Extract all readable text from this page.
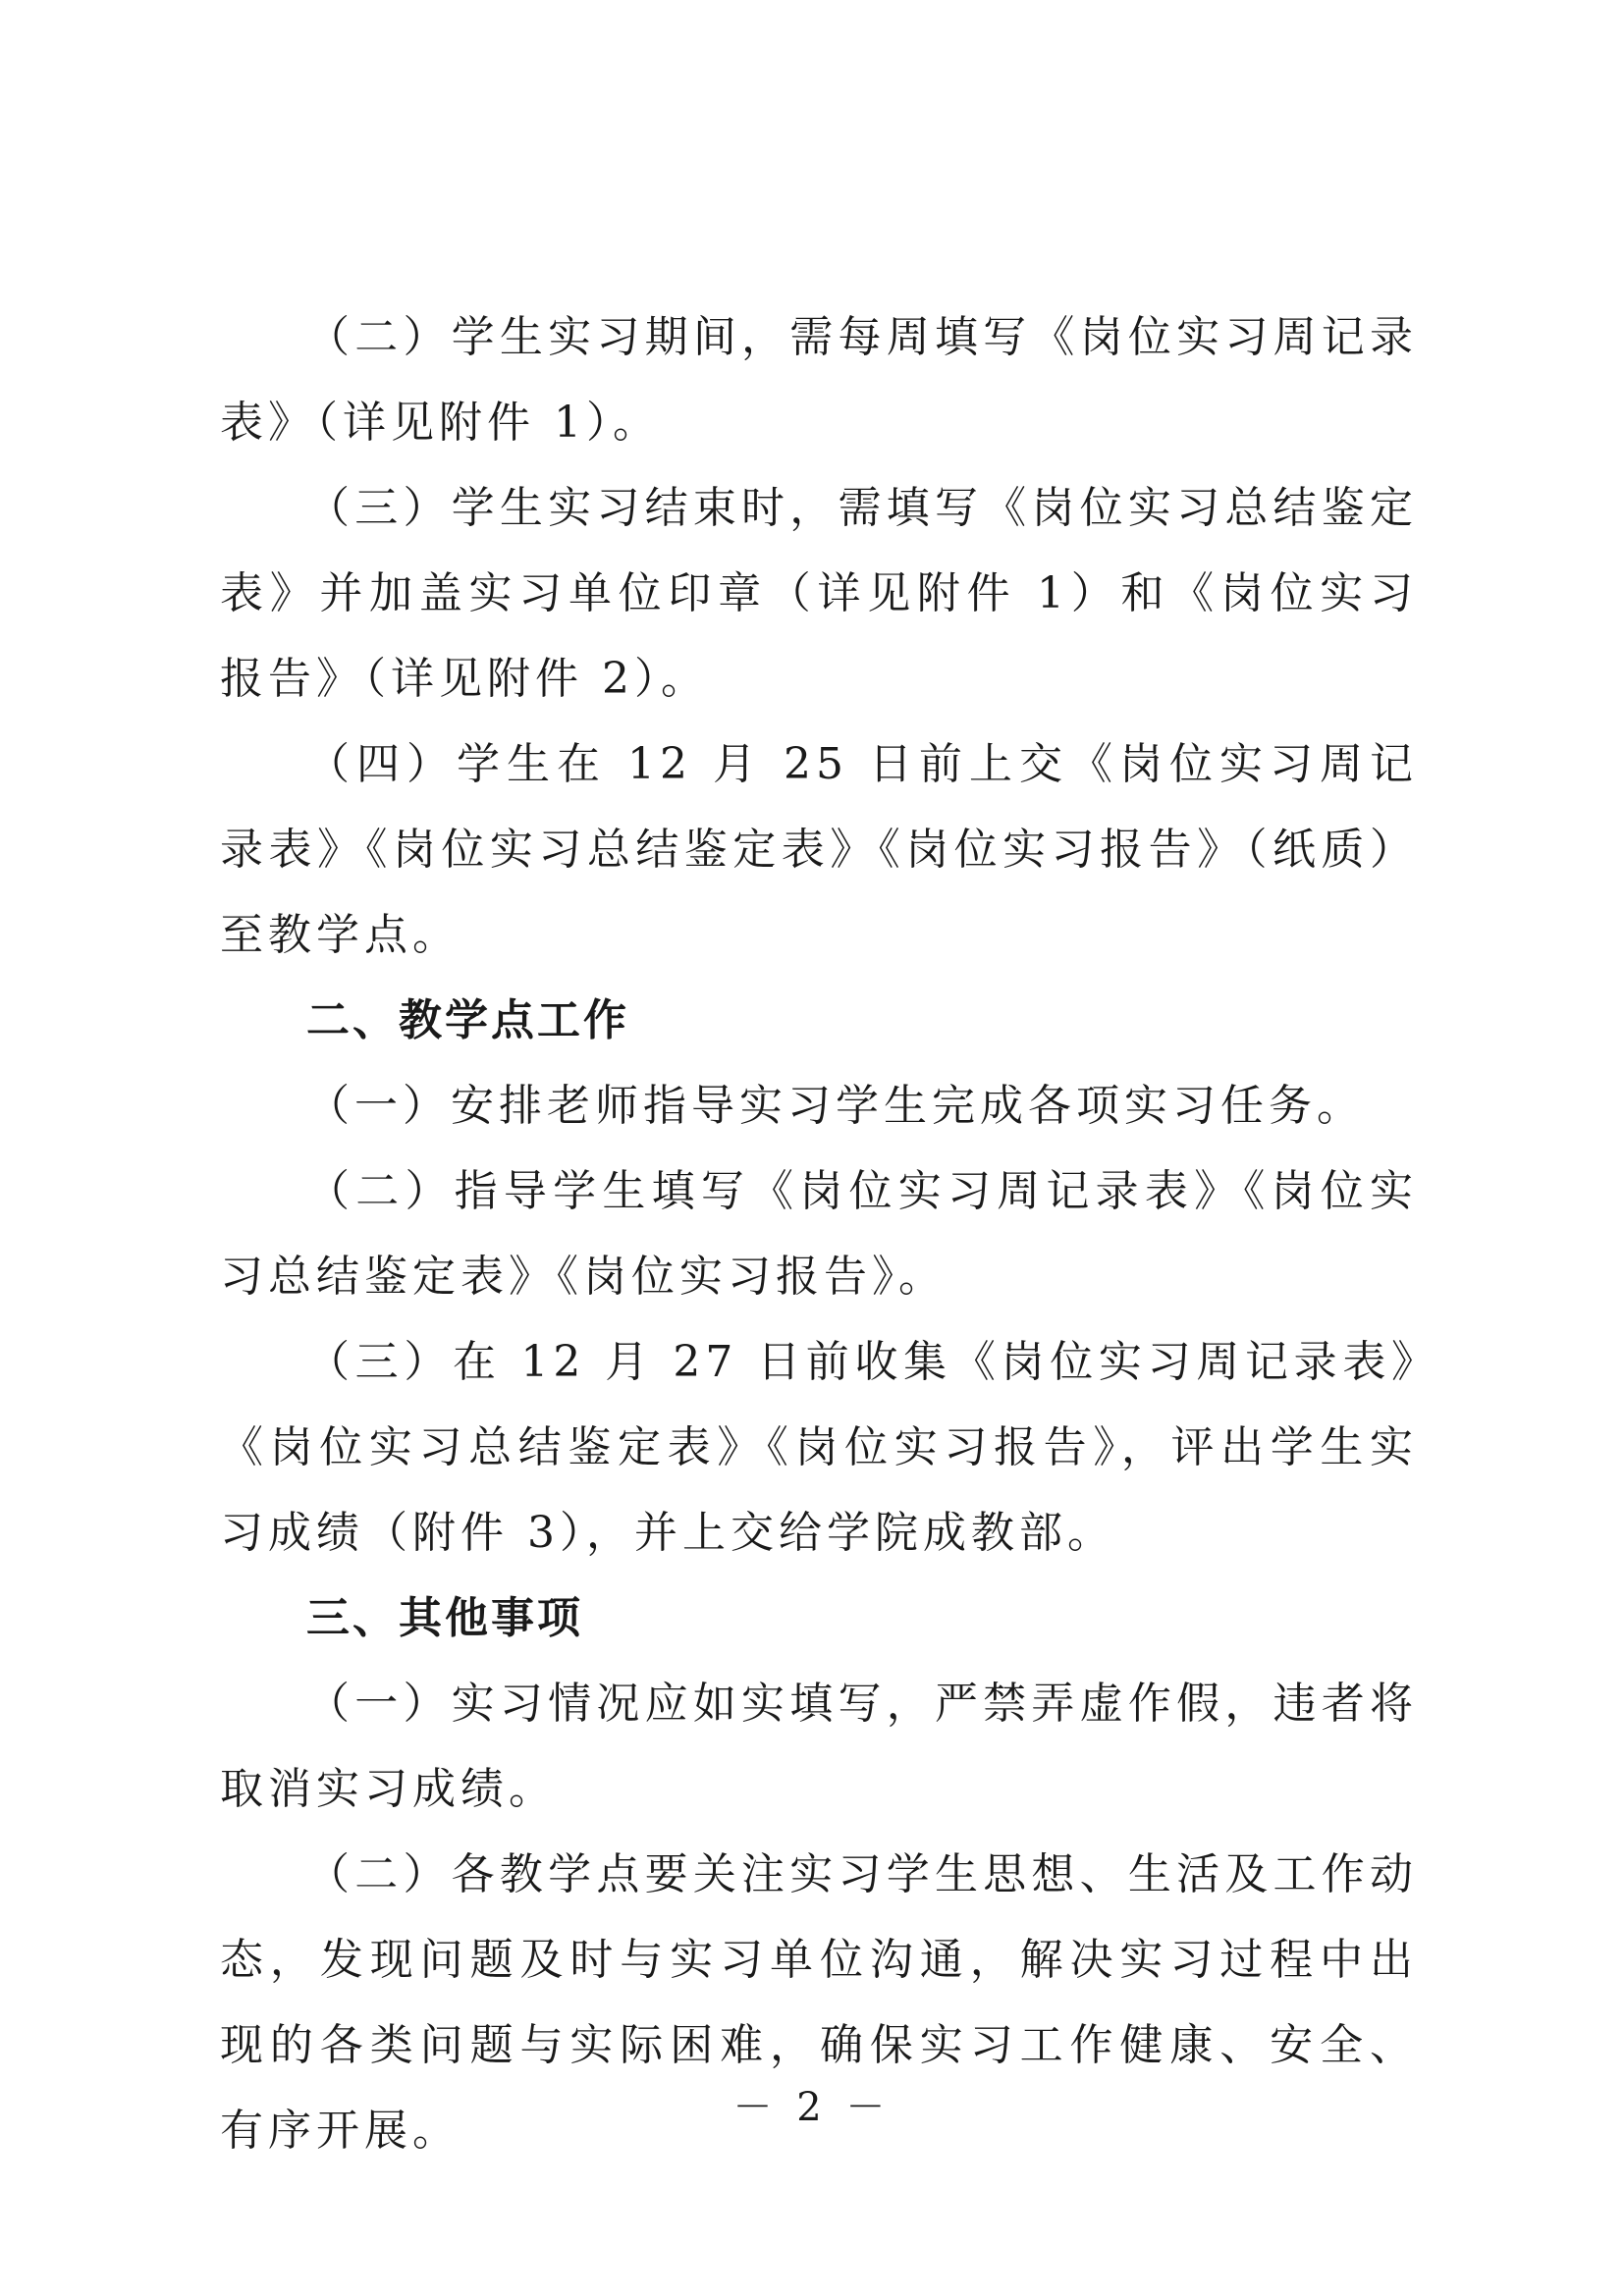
（二）学生实习期间，需每周填写《岗位实习周记录表》（详见附件 1）。

（三）学生实习结束时，需填写《岗位实习总结鉴定表》并加盖实习单位印章（详见附件 1）和《岗位实习报告》（详见附件 2）。

（四）学生在 12 月 25 日前上交《岗位实习周记录表》《岗位实习总结鉴定表》《岗位实习报告》（纸质）至教学点。

二、教学点工作

（一）安排老师指导实习学生完成各项实习任务。

（二）指导学生填写《岗位实习周记录表》《岗位实习总结鉴定表》《岗位实习报告》。

（三）在 12 月 27 日前收集《岗位实习周记录表》《岗位实习总结鉴定表》《岗位实习报告》，评出学生实习成绩（附件 3），并上交给学院成教部。

三、其他事项

（一）实习情况应如实填写，严禁弄虚作假，违者将取消实习成绩。

（二）各教学点要关注实习学生思想、生活及工作动态，发现问题及时与实习单位沟通，解决实习过程中出现的各类问题与实际困难，确保实习工作健康、安全、有序开展。	－ 2 －
